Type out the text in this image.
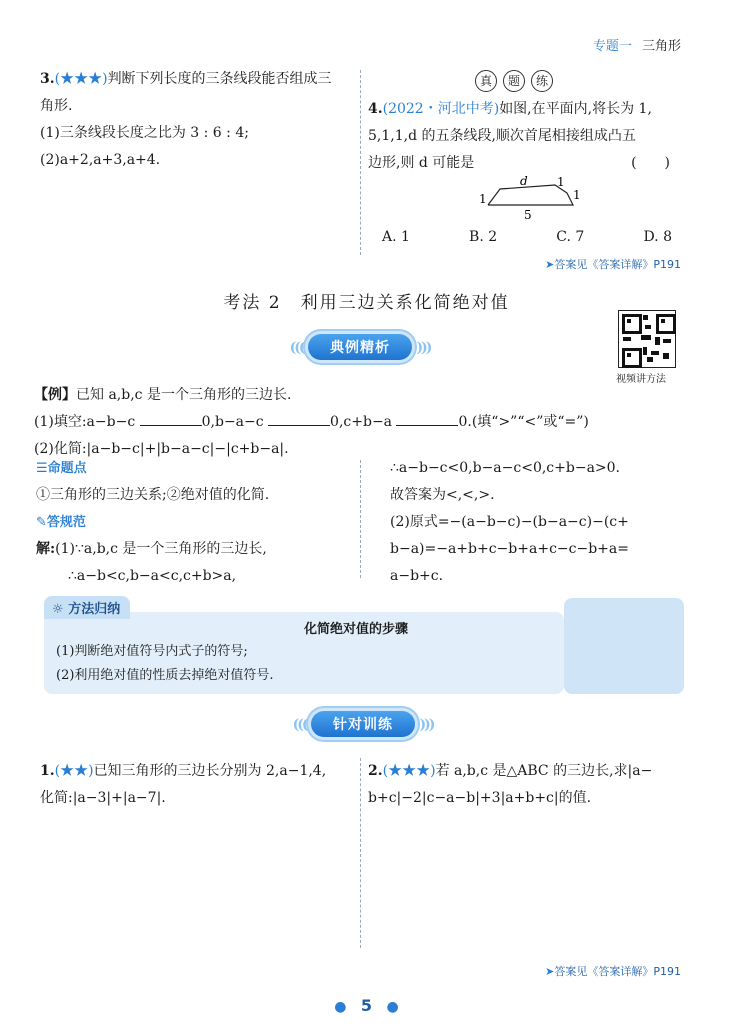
专题一 三角形
3.(★★★)判断下列长度的三条线段能否组成三
角形.
(1)三条线段长度之比为 3 : 6 : 4;
(2)a+2,a+3,a+4.
真 题 练
4.(2022・河北中考)如图,在平面内,将长为 1,
5,1,1,d 的五条线段,顺次首尾相接组成凸五
边形,则 d 可能是	(　　)
d
1
1
1
5
A. 1	B. 2	C. 7	D. 8
➤答案见《答案详解》P191
考法 2　利用三边关系化简绝对值
((( 典例精析 )))
视频讲方法
【例】已知 a,b,c 是一个三角形的三边长.
(1)填空:a−b−c	0,b−a−c	0,c+b−a	0.(填“>”“<”或“=”)
(2)化简:|a−b−c|+|b−a−c|−|c+b−a|.
☰命题点
①三角形的三边关系;②绝对值的化简.
✎答规范
解:(1)∵a,b,c 是一个三角形的三边长,
∴a−b<c,b−a<c,c+b>a,
∴a−b−c<0,b−a−c<0,c+b−a>0.
故答案为<,<,>.
(2)原式=−(a−b−c)−(b−a−c)−(c+
b−a)=−a+b+c−b+a+c−c−b+a=
a−b+c.
☼ 方法归纳
化简绝对值的步骤
(1)判断绝对值符号内式子的符号;
(2)利用绝对值的性质去掉绝对值符号.
((( 针对训练 )))
1.(★★)已知三角形的三边长分别为 2,a−1,4,
化简:|a−3|+|a−7|.
2.(★★★)若 a,b,c 是△ABC 的三边长,求|a−
b+c|−2|c−a−b|+3|a+b+c|的值.
➤答案见《答案详解》P191
● 5 ●
